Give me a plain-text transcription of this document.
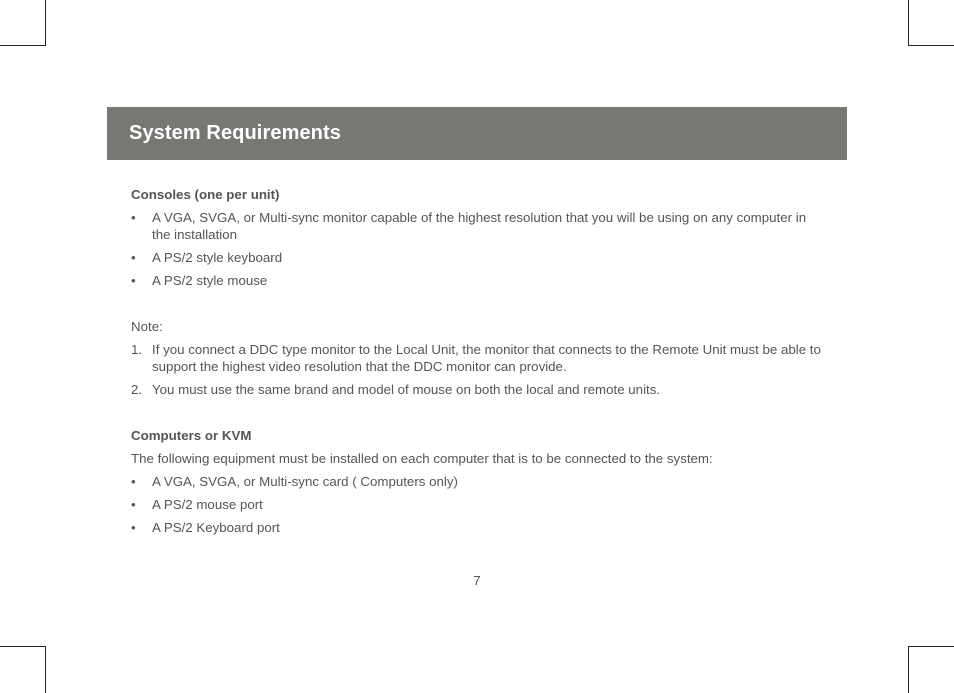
System Requirements
Consoles (one per unit)
• A VGA, SVGA, or Multi-sync monitor capable of the highest resolution that you will be using on any computer in the installation
• A PS/2 style keyboard
• A PS/2 style mouse
Note:
1. If you connect a DDC type monitor to the Local Unit, the monitor that connects to the Remote Unit must be able to support the highest video resolution that the DDC monitor can provide.
2. You must use the same brand and model of mouse on both the local and remote units.
Computers or KVM
The following equipment must be installed on each computer that is to be connected to the system:
• A VGA, SVGA, or Multi-sync card ( Computers only)
• A PS/2 mouse port
• A PS/2 Keyboard port
7
